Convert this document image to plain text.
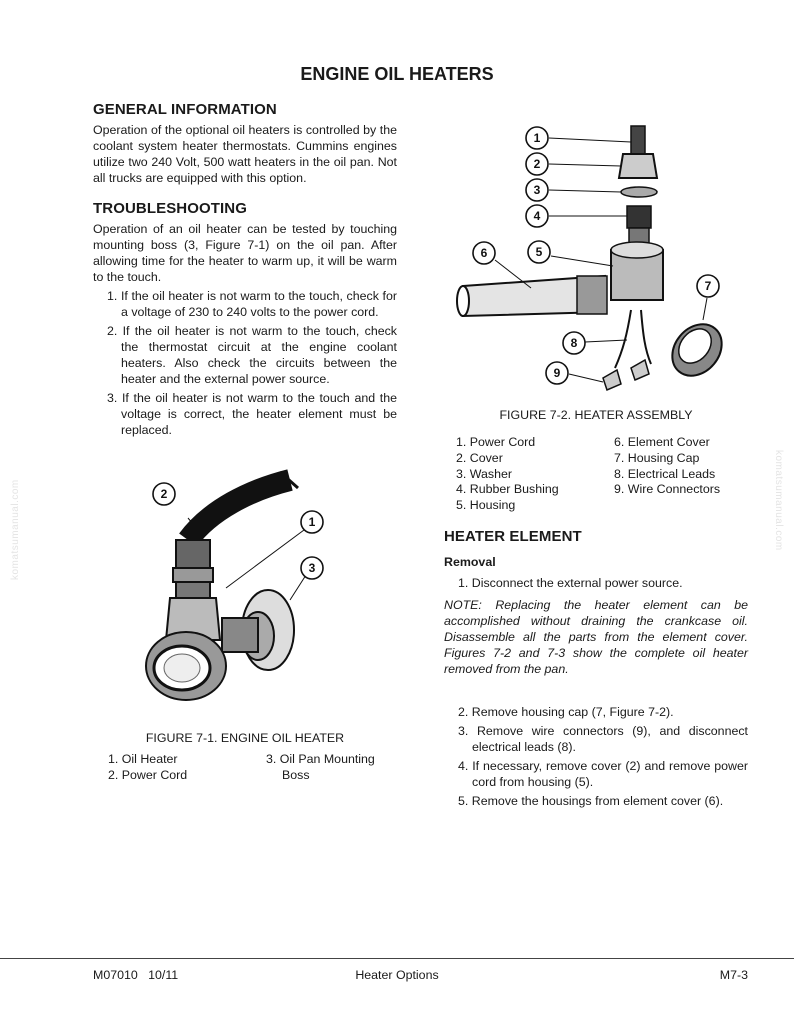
ENGINE OIL HEATERS
komatsumanual.com	komatsumanual.com
GENERAL INFORMATION

Operation of the optional oil heaters is controlled by the coolant system heater thermostats. Cummins engines utilize two 240 Volt, 500 watt heaters in the oil pan. Not all trucks are equipped with this option.

TROUBLESHOOTING

Operation of an oil heater can be tested by touching mounting boss (3, Figure 7-1) on the oil pan. After allowing time for the heater to warm up, it will be warm to the touch.

1. If the oil heater is not warm to the touch, check for a voltage of 230 to 240 volts to the power cord.
2. If the oil heater is not warm to the touch, check the thermostat circuit at the engine coolant heaters. Also check the circuits between the heater and the external power source.
3. If the oil heater is not warm to the touch and the voltage is correct, the heater element must be replaced.
2
1
3
FIGURE 7-1. ENGINE OIL HEATER
1. Oil Heater
2. Power Cord
3. Oil Pan Mounting
Boss
1
2
3
4
5
6
7
8
9
FIGURE 7-2. HEATER ASSEMBLY
1. Power Cord
2. Cover
3. Washer
4. Rubber Bushing
5. Housing
6. Element Cover
7. Housing Cap
8. Electrical Leads
9. Wire Connectors
HEATER ELEMENT
Removal
1. Disconnect the external power source.

NOTE: Replacing the heater element can be accomplished without draining the crankcase oil. Disassemble all the parts from the element cover. Figures 7-2 and 7-3 show the complete oil heater removed from the pan.

2. Remove housing cap (7, Figure 7-2).
3. Remove wire connectors (9), and disconnect electrical leads (8).
4. If necessary, remove cover (2) and remove power cord from housing (5).
5. Remove the housings from element cover (6).
M07010   10/11	Heater Options	M7-3
